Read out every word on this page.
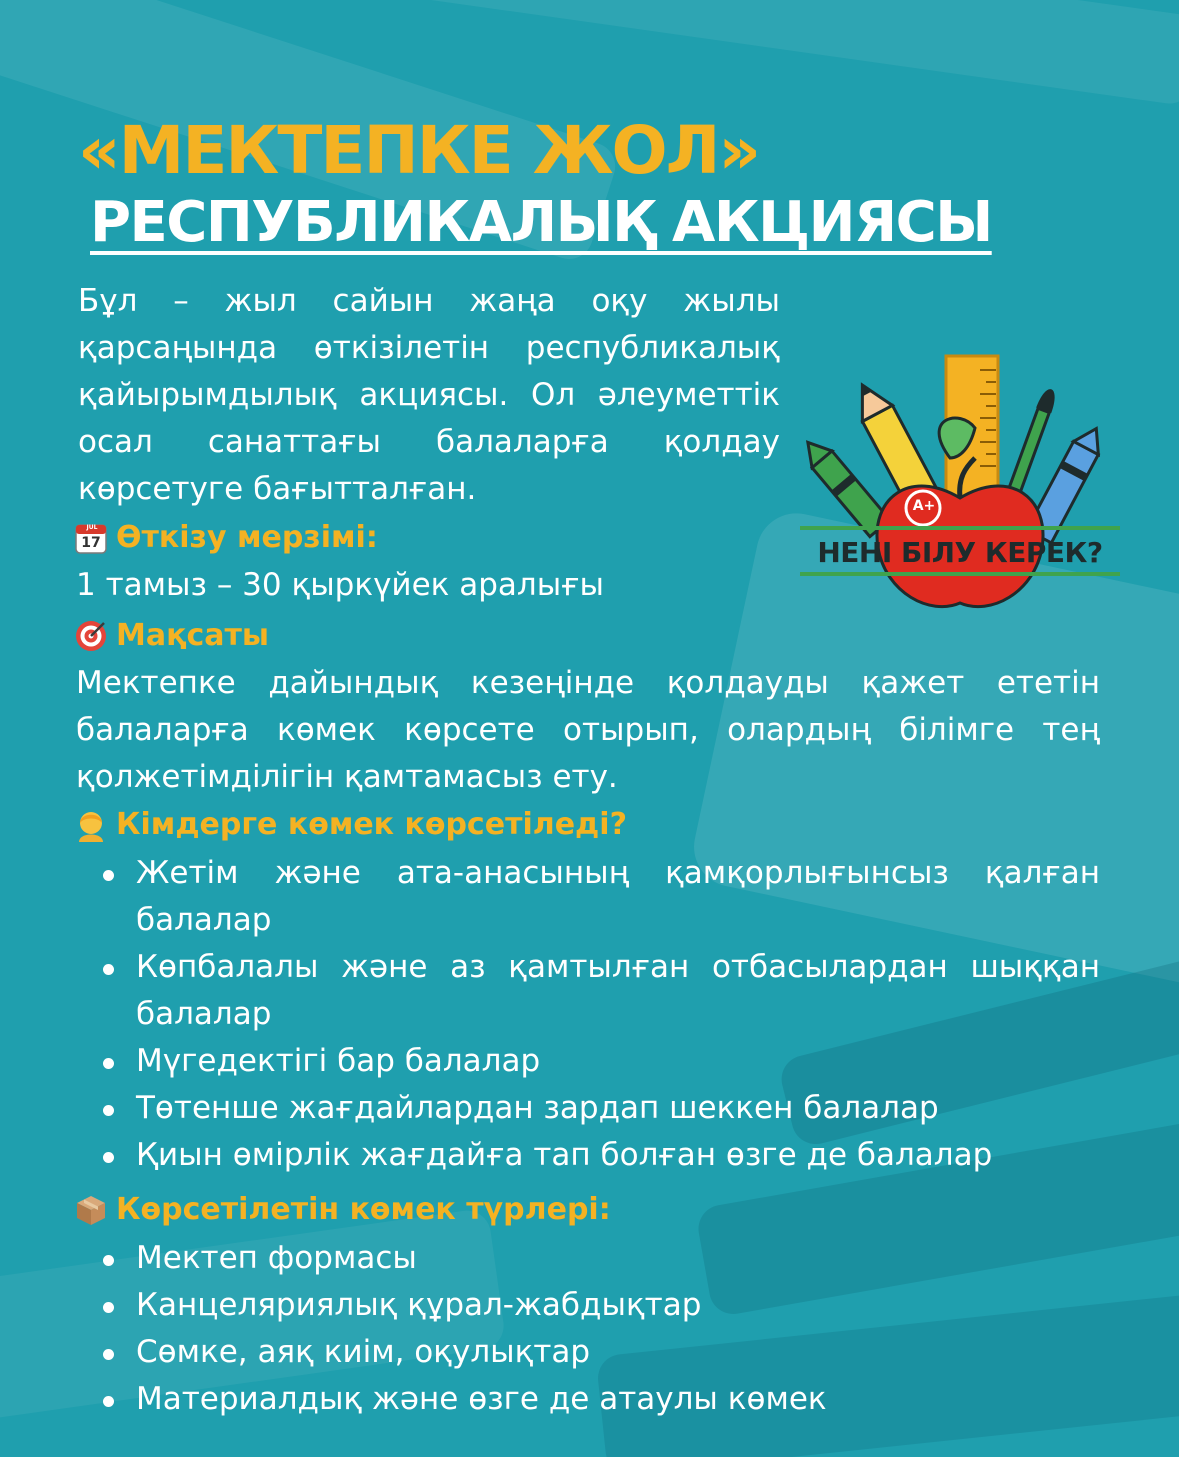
«МЕКТЕПКЕ ЖОЛ»
РЕСПУБЛИКАЛЫҚ АКЦИЯСЫ

Бұл – жыл сайын жаңа оқу жылы қарсаңында өткізілетін республикалық қайырымдылық акциясы. Ол әлеуметтік осал санаттағы балаларға қолдау көрсетуге бағытталған.	A+
НЕНІ БІЛУ КЕРЕК?
Өткізу мерзімі:
JUL
17

1 тамыз – 30 қыркүйек аралығы

Мақсаты

Мектепке дайындық кезеңінде қолдауды қажет ететін балаларға көмек көрсете отырып, олардың білімге тең қолжетімділігін қамтамасыз ету.

Кімдерге көмек көрсетіледі?
Жетім және ата-анасының қамқорлығынсыз қалған балалар
Көпбалалы және аз қамтылған отбасылардан шыққан балалар
Мүгедектігі бар балалар
Төтенше жағдайлардан зардап шеккен балалар
Қиын өмірлік жағдайға тап болған өзге де балалар
Көрсетілетін көмек түрлері:
Мектеп формасы
Канцеляриялық құрал-жабдықтар
Сөмке, аяқ киім, оқулықтар
Материалдық және өзге де атаулы көмек
